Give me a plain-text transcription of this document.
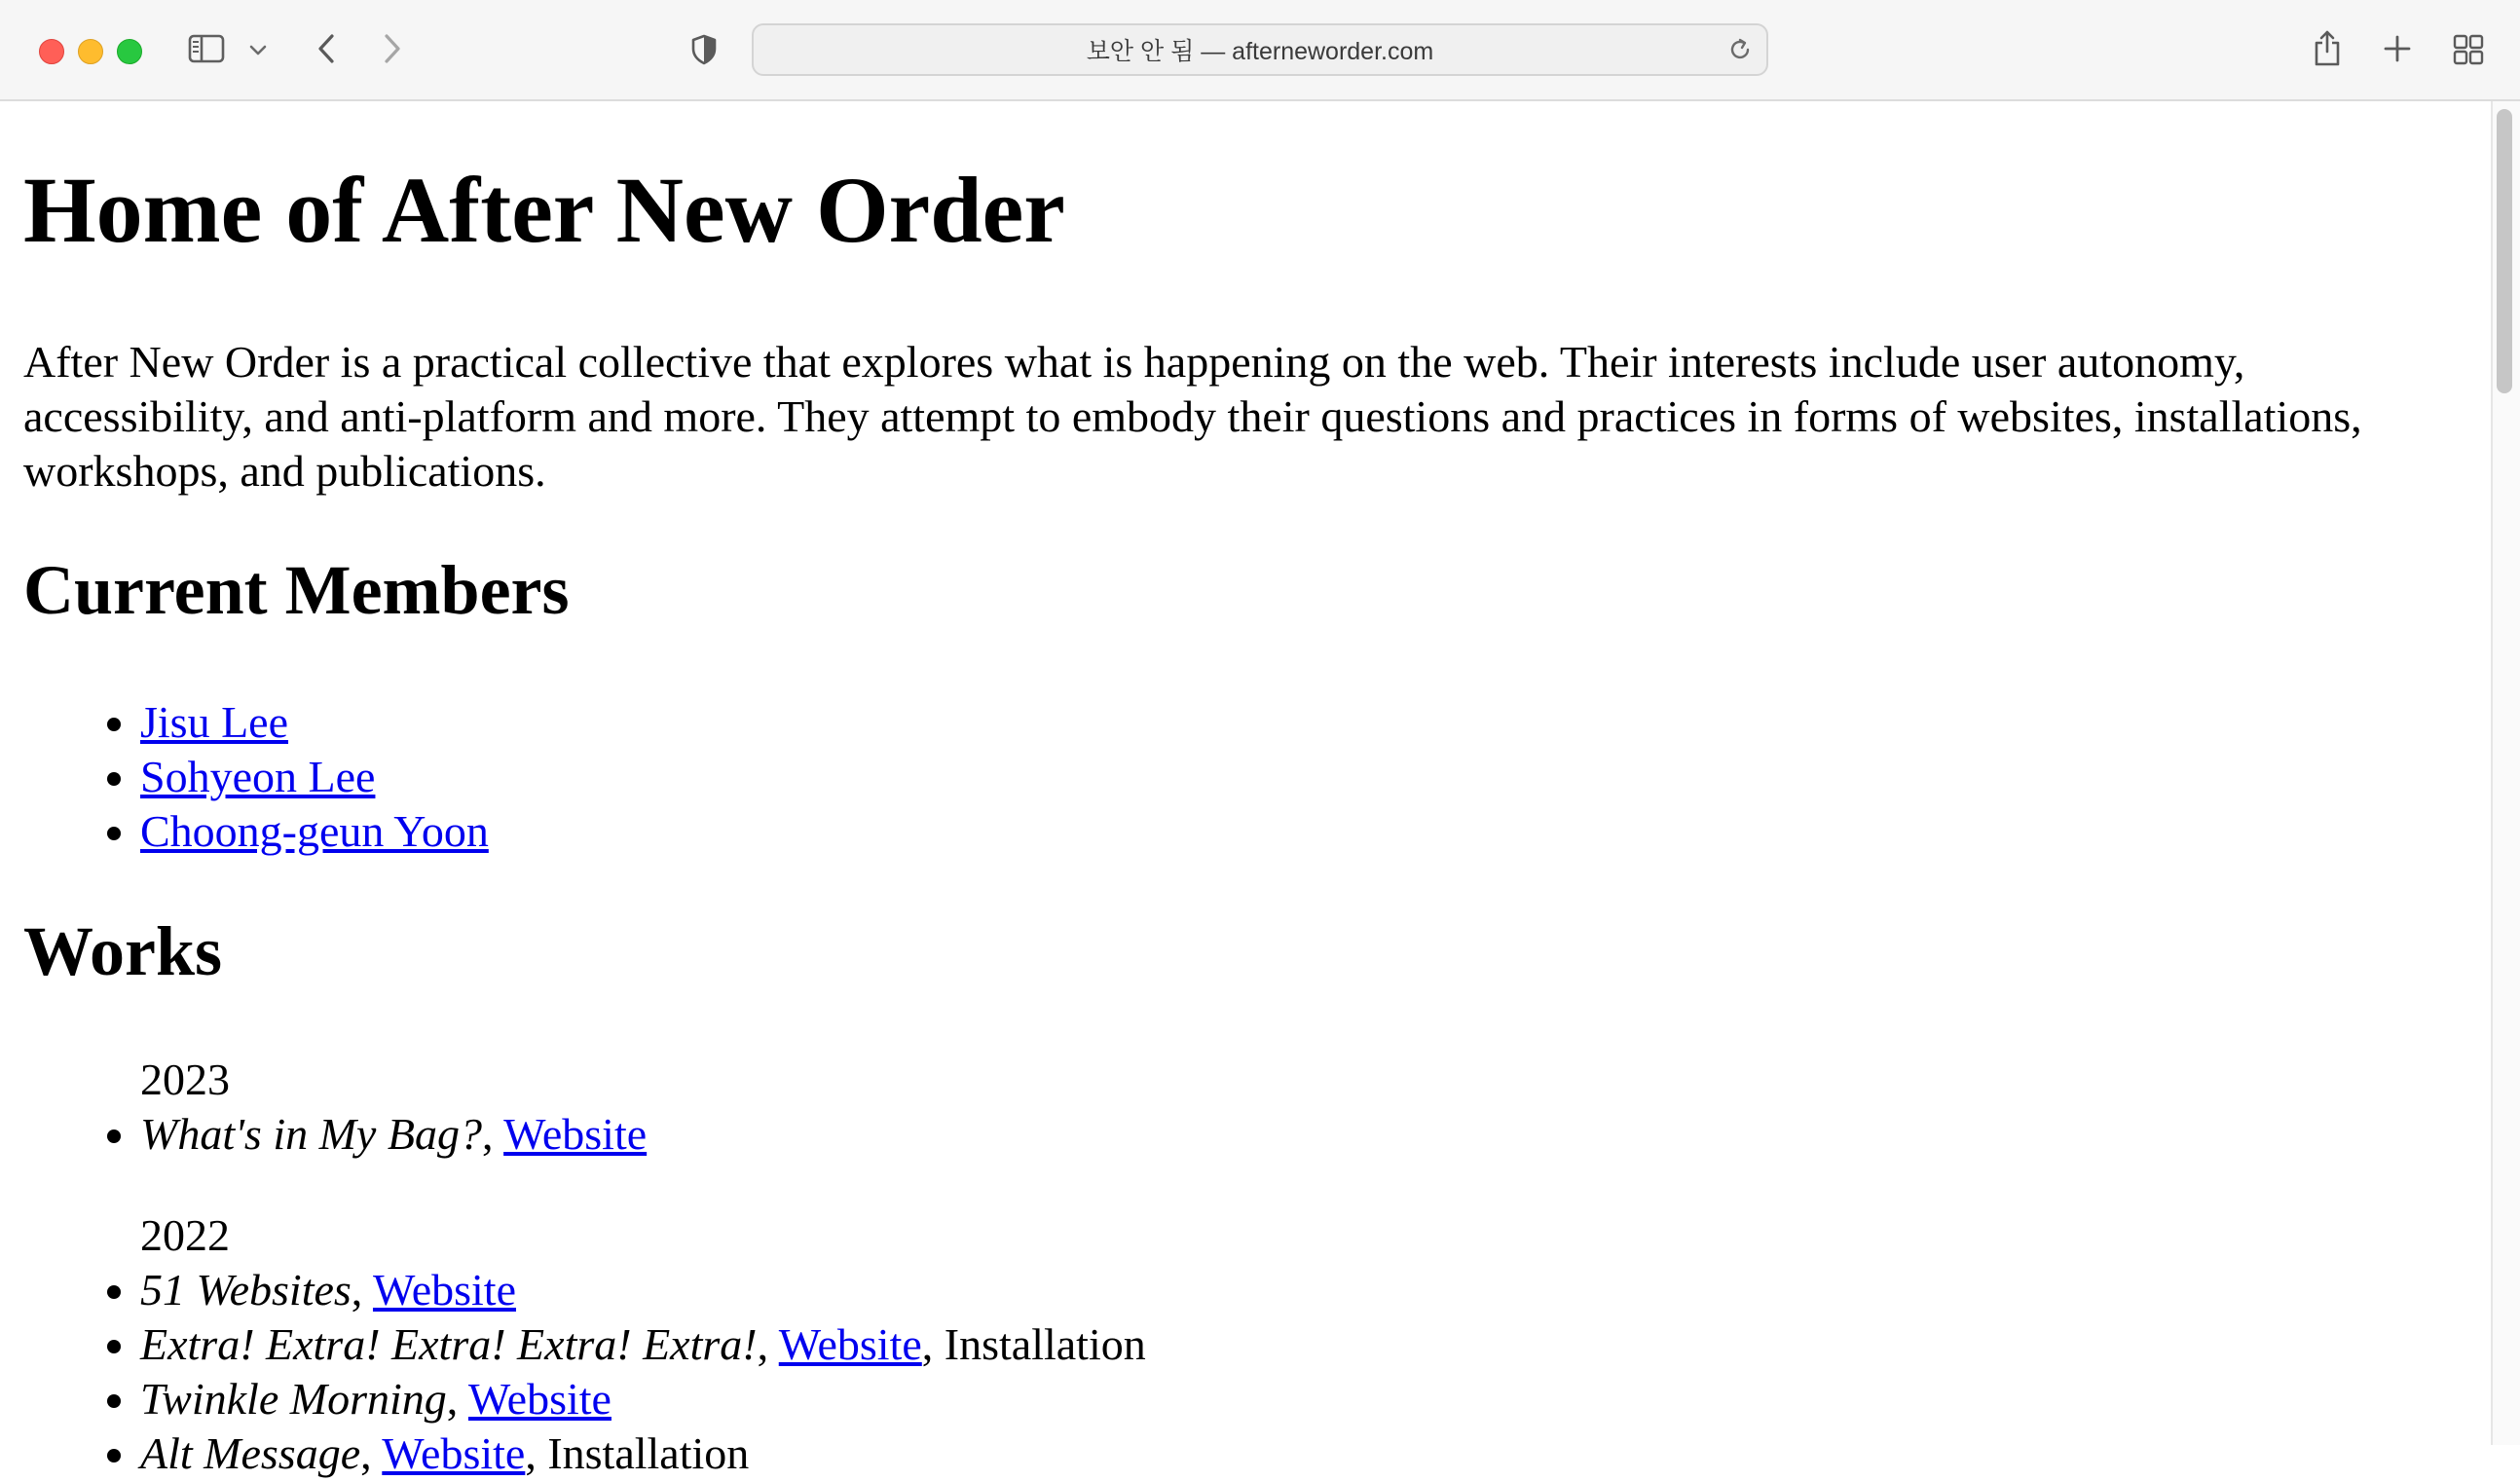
보안 안 됨 — afterneworder.com
Home of After New Order

After New Order is a practical collective that explores what is happening on the web. Their interests include user autonomy, accessibility, and anti-platform and more. They attempt to embody their questions and practices in forms of websites, installations, workshops, and publications.

Current Members
• Jisu Lee
• Sohyeon Lee
• Choong-geun Yoon
Works
2023
• What's in My Bag?, Website
2022
• 51 Websites, Website
• Extra! Extra! Extra! Extra! Extra!, Website, Installation
• Twinkle Morning, Website
• Alt Message, Website, Installation
